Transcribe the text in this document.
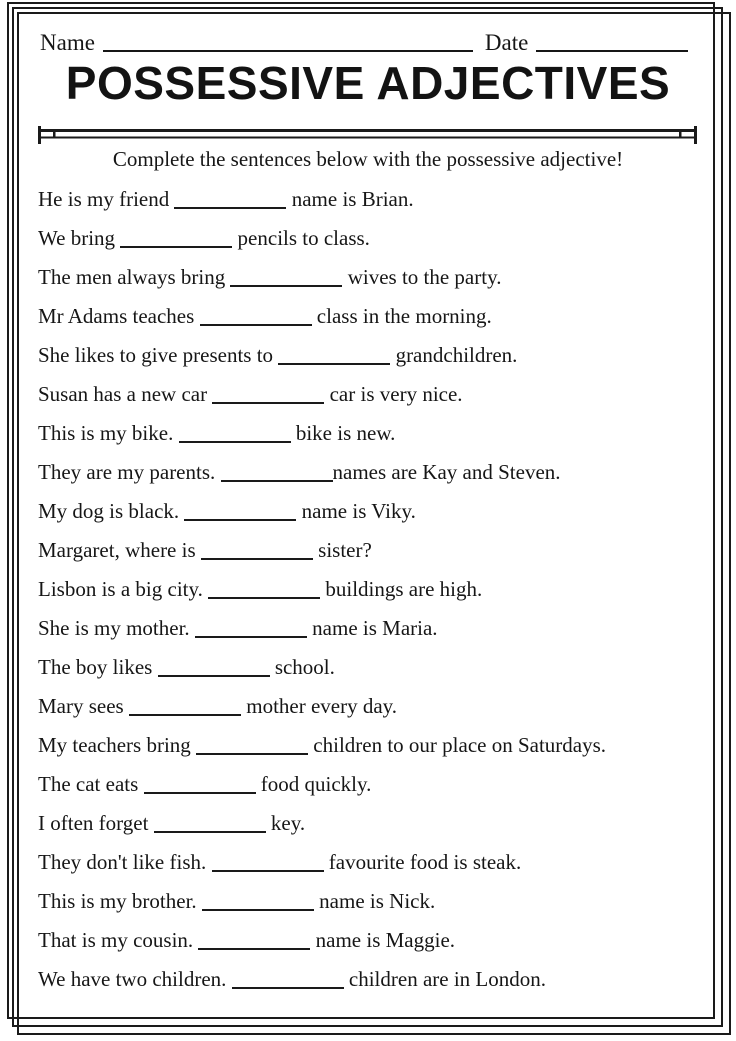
Name	Date
POSSESSIVE ADJECTIVES
Complete the sentences below with the possessive adjective!
He is my friend	name is Brian.
We bring	pencils to class.
The men always bring	wives to the party.
Mr Adams teaches	class in the morning.
She likes to give presents to	grandchildren.
Susan has a new car	car is very nice.
This is my bike.	bike is new.
They are my parents.	names are Kay and Steven.
My dog is black.	name is Viky.
Margaret, where is	sister?
Lisbon is a big city.	buildings are high.
She is my mother.	name is Maria.
The boy likes	school.
Mary sees	mother every day.
My teachers bring	children to our place on Saturdays.
The cat eats	food quickly.
I often forget	key.
They don't like fish.	favourite food is steak.
This is my brother.	name is Nick.
That is my cousin.	name is Maggie.
We have two children.	children are in London.
